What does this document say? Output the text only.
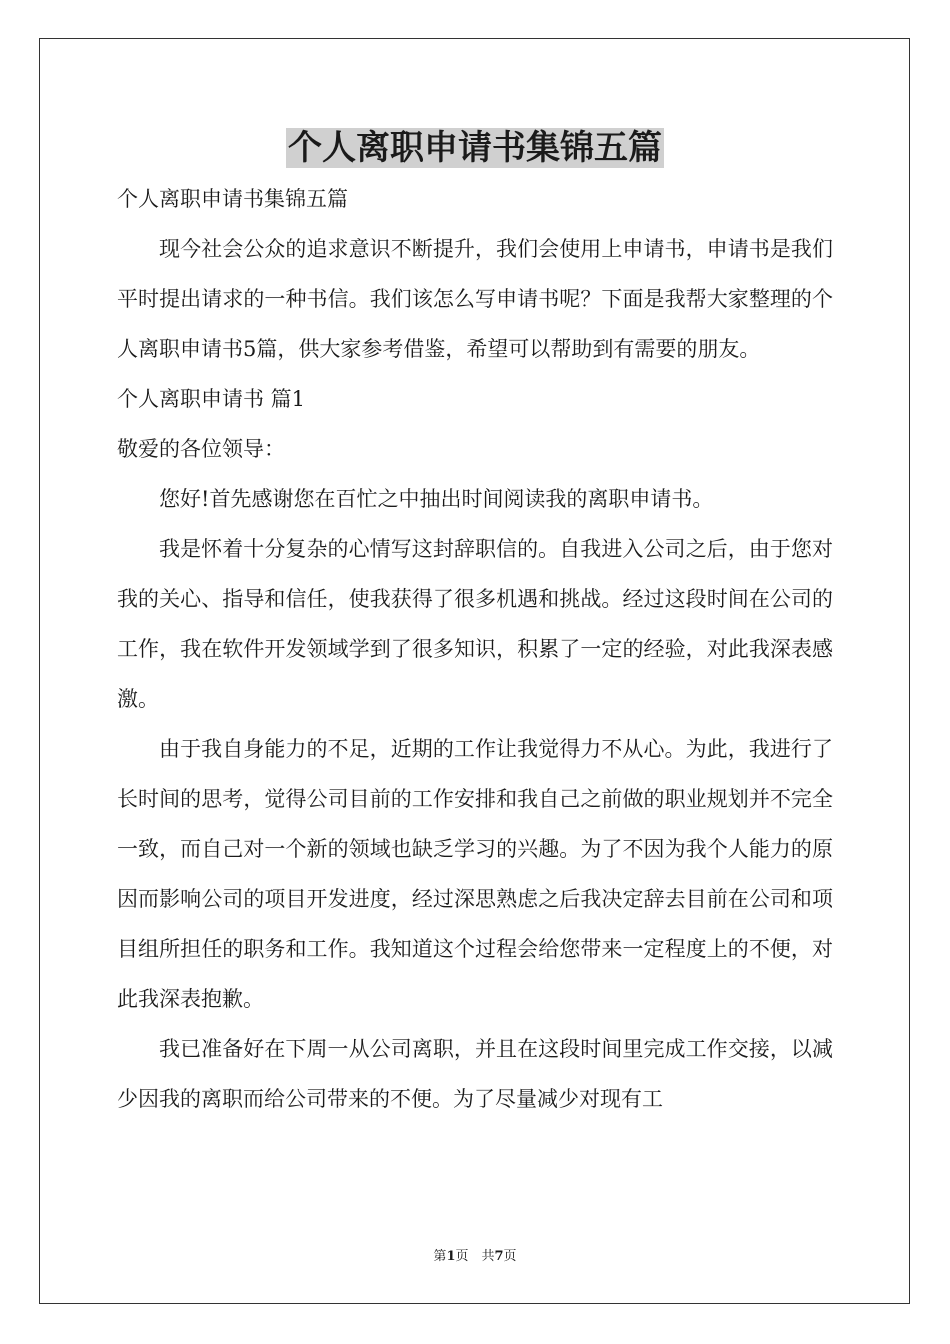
个人离职申请书集锦五篇

个人离职申请书集锦五篇

现今社会公众的追求意识不断提升，我们会使用上申请书，申请书是我们平时提出请求的一种书信。我们该怎么写申请书呢？下面是我帮大家整理的个人离职申请书5篇，供大家参考借鉴，希望可以帮助到有需要的朋友。

个人离职申请书 篇1

敬爱的各位领导：

您好!首先感谢您在百忙之中抽出时间阅读我的离职申请书。

我是怀着十分复杂的心情写这封辞职信的。自我进入公司之后，由于您对我的关心、指导和信任，使我获得了很多机遇和挑战。经过这段时间在公司的工作，我在软件开发领域学到了很多知识，积累了一定的经验，对此我深表感激。

由于我自身能力的不足，近期的工作让我觉得力不从心。为此，我进行了长时间的思考，觉得公司目前的工作安排和我自己之前做的职业规划并不完全一致，而自己对一个新的领域也缺乏学习的兴趣。为了不因为我个人能力的原因而影响公司的项目开发进度，经过深思熟虑之后我决定辞去目前在公司和项目组所担任的职务和工作。我知道这个过程会给您带来一定程度上的不便，对此我深表抱歉。

我已准备好在下周一从公司离职，并且在这段时间里完成工作交接，以减少因我的离职而给公司带来的不便。为了尽量减少对现有工

第1页　共7页
